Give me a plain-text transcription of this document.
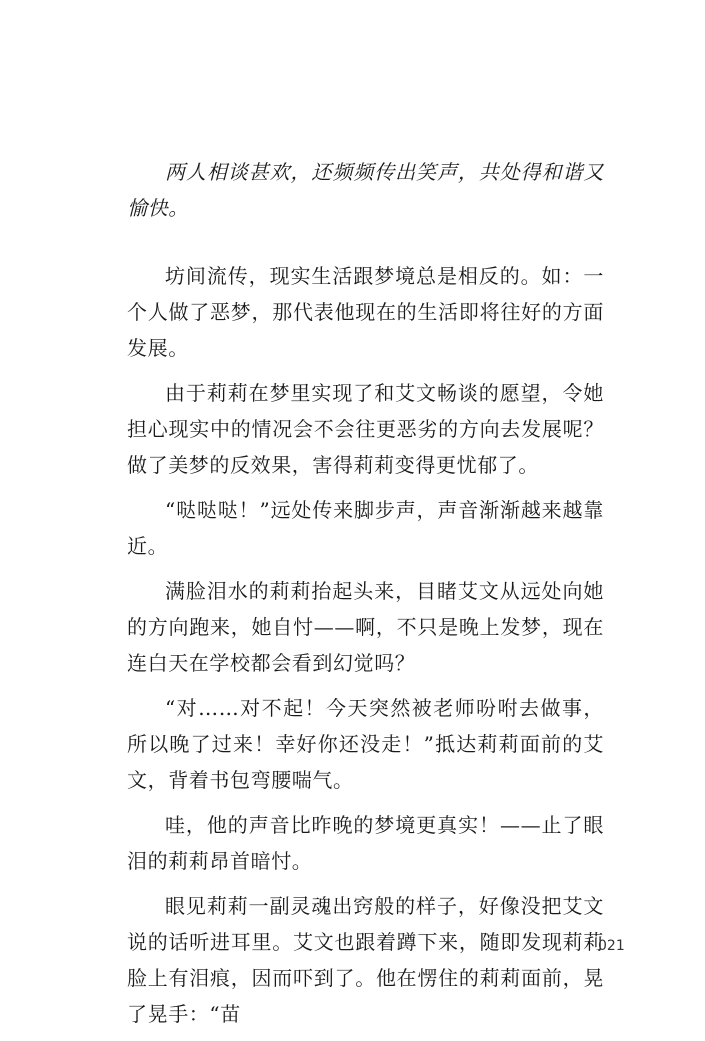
两人相谈甚欢，还频频传出笑声，共处得和谐又愉快。

坊间流传，现实生活跟梦境总是相反的。如：一个人做了恶梦，那代表他现在的生活即将往好的方面发展。

由于莉莉在梦里实现了和艾文畅谈的愿望，令她担心现实中的情况会不会往更恶劣的方向去发展呢？做了美梦的反效果，害得莉莉变得更忧郁了。

“哒哒哒！”远处传来脚步声，声音渐渐越来越靠近。

满脸泪水的莉莉抬起头来，目睹艾文从远处向她的方向跑来，她自忖——啊，不只是晚上发梦，现在连白天在学校都会看到幻觉吗？

“对……对不起！今天突然被老师吩咐去做事，所以晚了过来！幸好你还没走！”抵达莉莉面前的艾文，背着书包弯腰喘气。

哇，他的声音比昨晚的梦境更真实！——止了眼泪的莉莉昂首暗忖。

眼见莉莉一副灵魂出窍般的样子，好像没把艾文说的话听进耳里。艾文也跟着蹲下来，随即发现莉莉脸上有泪痕，因而吓到了。他在愣住的莉莉面前，晃了晃手：“苗

021
